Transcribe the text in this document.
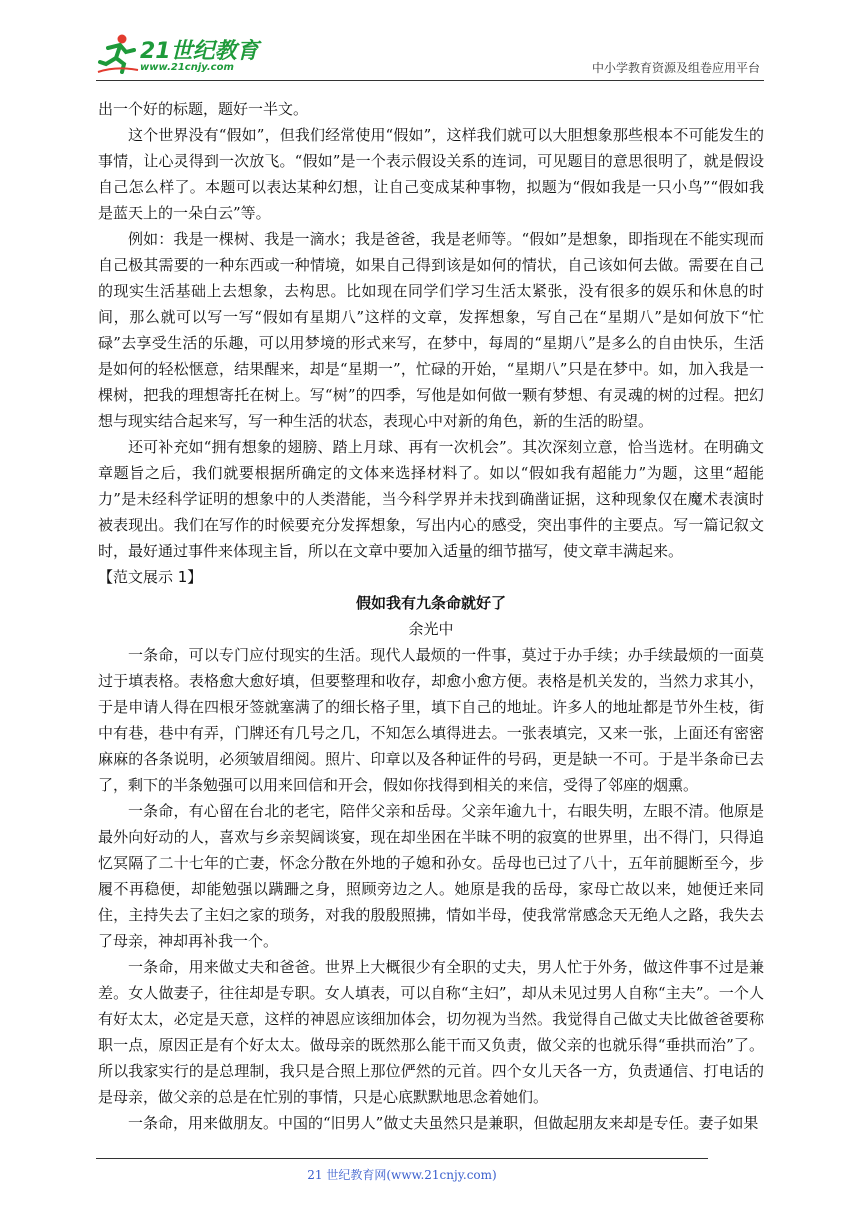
21世纪教育
www.21cnjy.com	中小学教育资源及组卷应用平台

出一个好的标题，题好一半文。

这个世界没有“假如”，但我们经常使用“假如”，这样我们就可以大胆想象那些根本不可能发生的事情，让心灵得到一次放飞。“假如”是一个表示假设关系的连词，可见题目的意思很明了，就是假设自己怎么样了。本题可以表达某种幻想，让自己变成某种事物，拟题为“假如我是一只小鸟”“假如我是蓝天上的一朵白云”等。

例如：我是一棵树、我是一滴水；我是爸爸，我是老师等。“假如”是想象，即指现在不能实现而自己极其需要的一种东西或一种情境，如果自己得到该是如何的情状，自己该如何去做。需要在自己的现实生活基础上去想象，去构思。比如现在同学们学习生活太紧张，没有很多的娱乐和休息的时间，那么就可以写一写“假如有星期八”这样的文章，发挥想象，写自己在“星期八”是如何放下“忙碌”去享受生活的乐趣，可以用梦境的形式来写，在梦中，每周的“星期八”是多么的自由快乐，生活是如何的轻松惬意，结果醒来，却是“星期一”，忙碌的开始，“星期八”只是在梦中。如，加入我是一棵树，把我的理想寄托在树上。写“树”的四季，写他是如何做一颗有梦想、有灵魂的树的过程。把幻想与现实结合起来写，写一种生活的状态，表现心中对新的角色，新的生活的盼望。

还可补充如“拥有想象的翅膀、踏上月球、再有一次机会”。其次深刻立意，恰当选材。在明确文章题旨之后，我们就要根据所确定的文体来选择材料了。如以“假如我有超能力”为题，这里“超能力”是未经科学证明的想象中的人类潜能，当今科学界并未找到确凿证据，这种现象仅在魔术表演时被表现出。我们在写作的时候要充分发挥想象，写出内心的感受，突出事件的主要点。写一篇记叙文时，最好通过事件来体现主旨，所以在文章中要加入适量的细节描写，使文章丰满起来。

【范文展示 1】

假如我有九条命就好了

余光中

一条命，可以专门应付现实的生活。现代人最烦的一件事，莫过于办手续；办手续最烦的一面莫过于填表格。表格愈大愈好填，但要整理和收存，却愈小愈方便。表格是机关发的，当然力求其小，于是申请人得在四根牙签就塞满了的细长格子里，填下自己的地址。许多人的地址都是节外生枝，街中有巷，巷中有弄，门牌还有几号之几，不知怎么填得进去。一张表填完，又来一张，上面还有密密麻麻的各条说明，必须皱眉细阅。照片、印章以及各种证件的号码，更是缺一不可。于是半条命已去了，剩下的半条勉强可以用来回信和开会，假如你找得到相关的来信，受得了邻座的烟熏。

一条命，有心留在台北的老宅，陪伴父亲和岳母。父亲年逾九十，右眼失明，左眼不清。他原是最外向好动的人，喜欢与乡亲契阔谈宴，现在却坐困在半昧不明的寂寞的世界里，出不得门，只得追忆冥隔了二十七年的亡妻，怀念分散在外地的子媳和孙女。岳母也已过了八十，五年前腿断至今，步履不再稳便，却能勉强以蹒跚之身，照顾旁边之人。她原是我的岳母，家母亡故以来，她便迁来同住，主持失去了主妇之家的琐务，对我的殷殷照拂，情如半母，使我常常感念天无绝人之路，我失去了母亲，神却再补我一个。

一条命，用来做丈夫和爸爸。世界上大概很少有全职的丈夫，男人忙于外务，做这件事不过是兼差。女人做妻子，往往却是专职。女人填表，可以自称“主妇”，却从未见过男人自称“主夫”。一个人有好太太，必定是天意，这样的神恩应该细加体会，切勿视为当然。我觉得自己做丈夫比做爸爸要称职一点，原因正是有个好太太。做母亲的既然那么能干而又负责，做父亲的也就乐得“垂拱而治”了。所以我家实行的是总理制，我只是合照上那位俨然的元首。四个女儿天各一方，负责通信、打电话的是母亲，做父亲的总是在忙别的事情，只是心底默默地思念着她们。

一条命，用来做朋友。中国的“旧男人”做丈夫虽然只是兼职，但做起朋友来却是专任。妻子如果

21 世纪教育网(www.21cnjy.com)
